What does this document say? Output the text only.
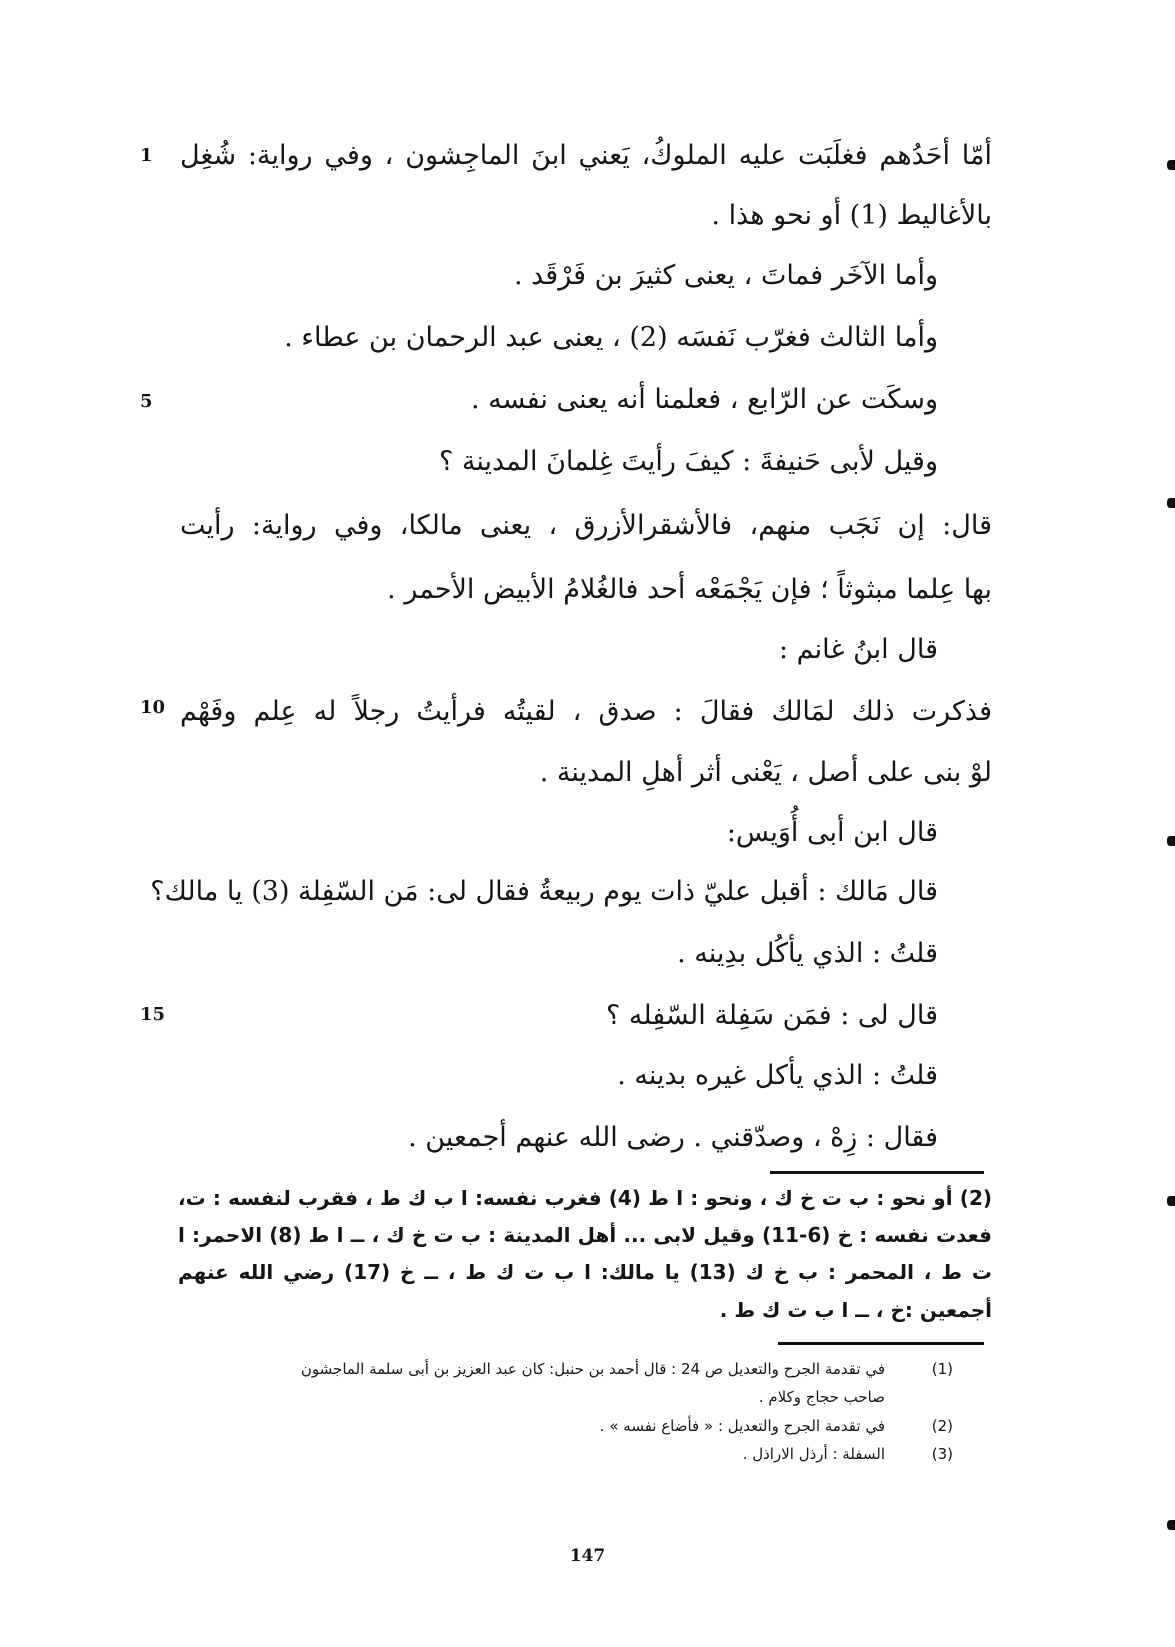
أمّا أحَدُهم فغلَبَت عليه الملوكُ، يَعني ابنَ الماجِشون ، وفي رواية: شُغِل
بالأغاليط (1) أو نحو هذا .
وأما الآخَر فماتَ ، يعنى كثيرَ بن فَرْقَد .
وأما الثالث فغرّب نَفسَه (2) ، يعنى عبد الرحمان بن عطاء .
وسكَت عن الرّابع ، فعلمنا أنه يعنى نفسه .
وقيل لأبى حَنيفةَ : كيفَ رأيتَ غِلمانَ المدينة ؟
قال: إن نَجَب منهم، فالأشقرالأزرق ، يعنى مالكا، وفي رواية: رأيت
بها عِلما مبثوثاً ؛ فإن يَجْمَعْه أحد فالغُلامُ الأبيض الأحمر .
قال ابنُ غانم :
فذكرت ذلك لمَالك فقالَ : صدق ، لقيتُه فرأيتُ رجلاً له عِلم وفَهْم
لوْ بنى على أصل ، يَعْنى أثر أهلِ المدينة .
قال ابن أبى أُوَيس:
قال مَالك : أقبل عليّ ذات يوم ربيعةُ فقال لى: مَن السّفِلة (3) يا مالك؟
قلتُ : الذي يأكُل بدِينه .
قال لى : فمَن سَفِلة السّفِله ؟
قلتُ : الذي يأكل غيره بدينه .
فقال : زِهْ ، وصدّقني . رضى الله عنهم أجمعين .
1
5
10
15
(2) أو نحو : ب ت خ ك ، ونحو : ا ط (4) فغرب نفسه: ا ب ك ط ، فقرب لنفسه : ت،
فعدت نفسه : خ (6-11) وقيل لابى ... أهل المدينة : ب ت خ ك ، ــ ا ط (8) الاحمر: ا
ت ط ، المحمر : ب خ ك (13) يا مالك: ا ب ت ك ط ، ــ خ (17) رضي الله عنهم
أجمعين :خ ، ــ ا ب ت ك ط .
(1)
في تقدمة الجرح والتعديل ص 24 : قال أحمد بن حنبل: كان عبد العزيز بن أبى سلمة الماجشون
صاحب حجاج وكلام .
(2)
في تقدمة الجرح والتعديل : « فأضاع نفسه » .
(3)
السفلة : أرذل الاراذل .
147
